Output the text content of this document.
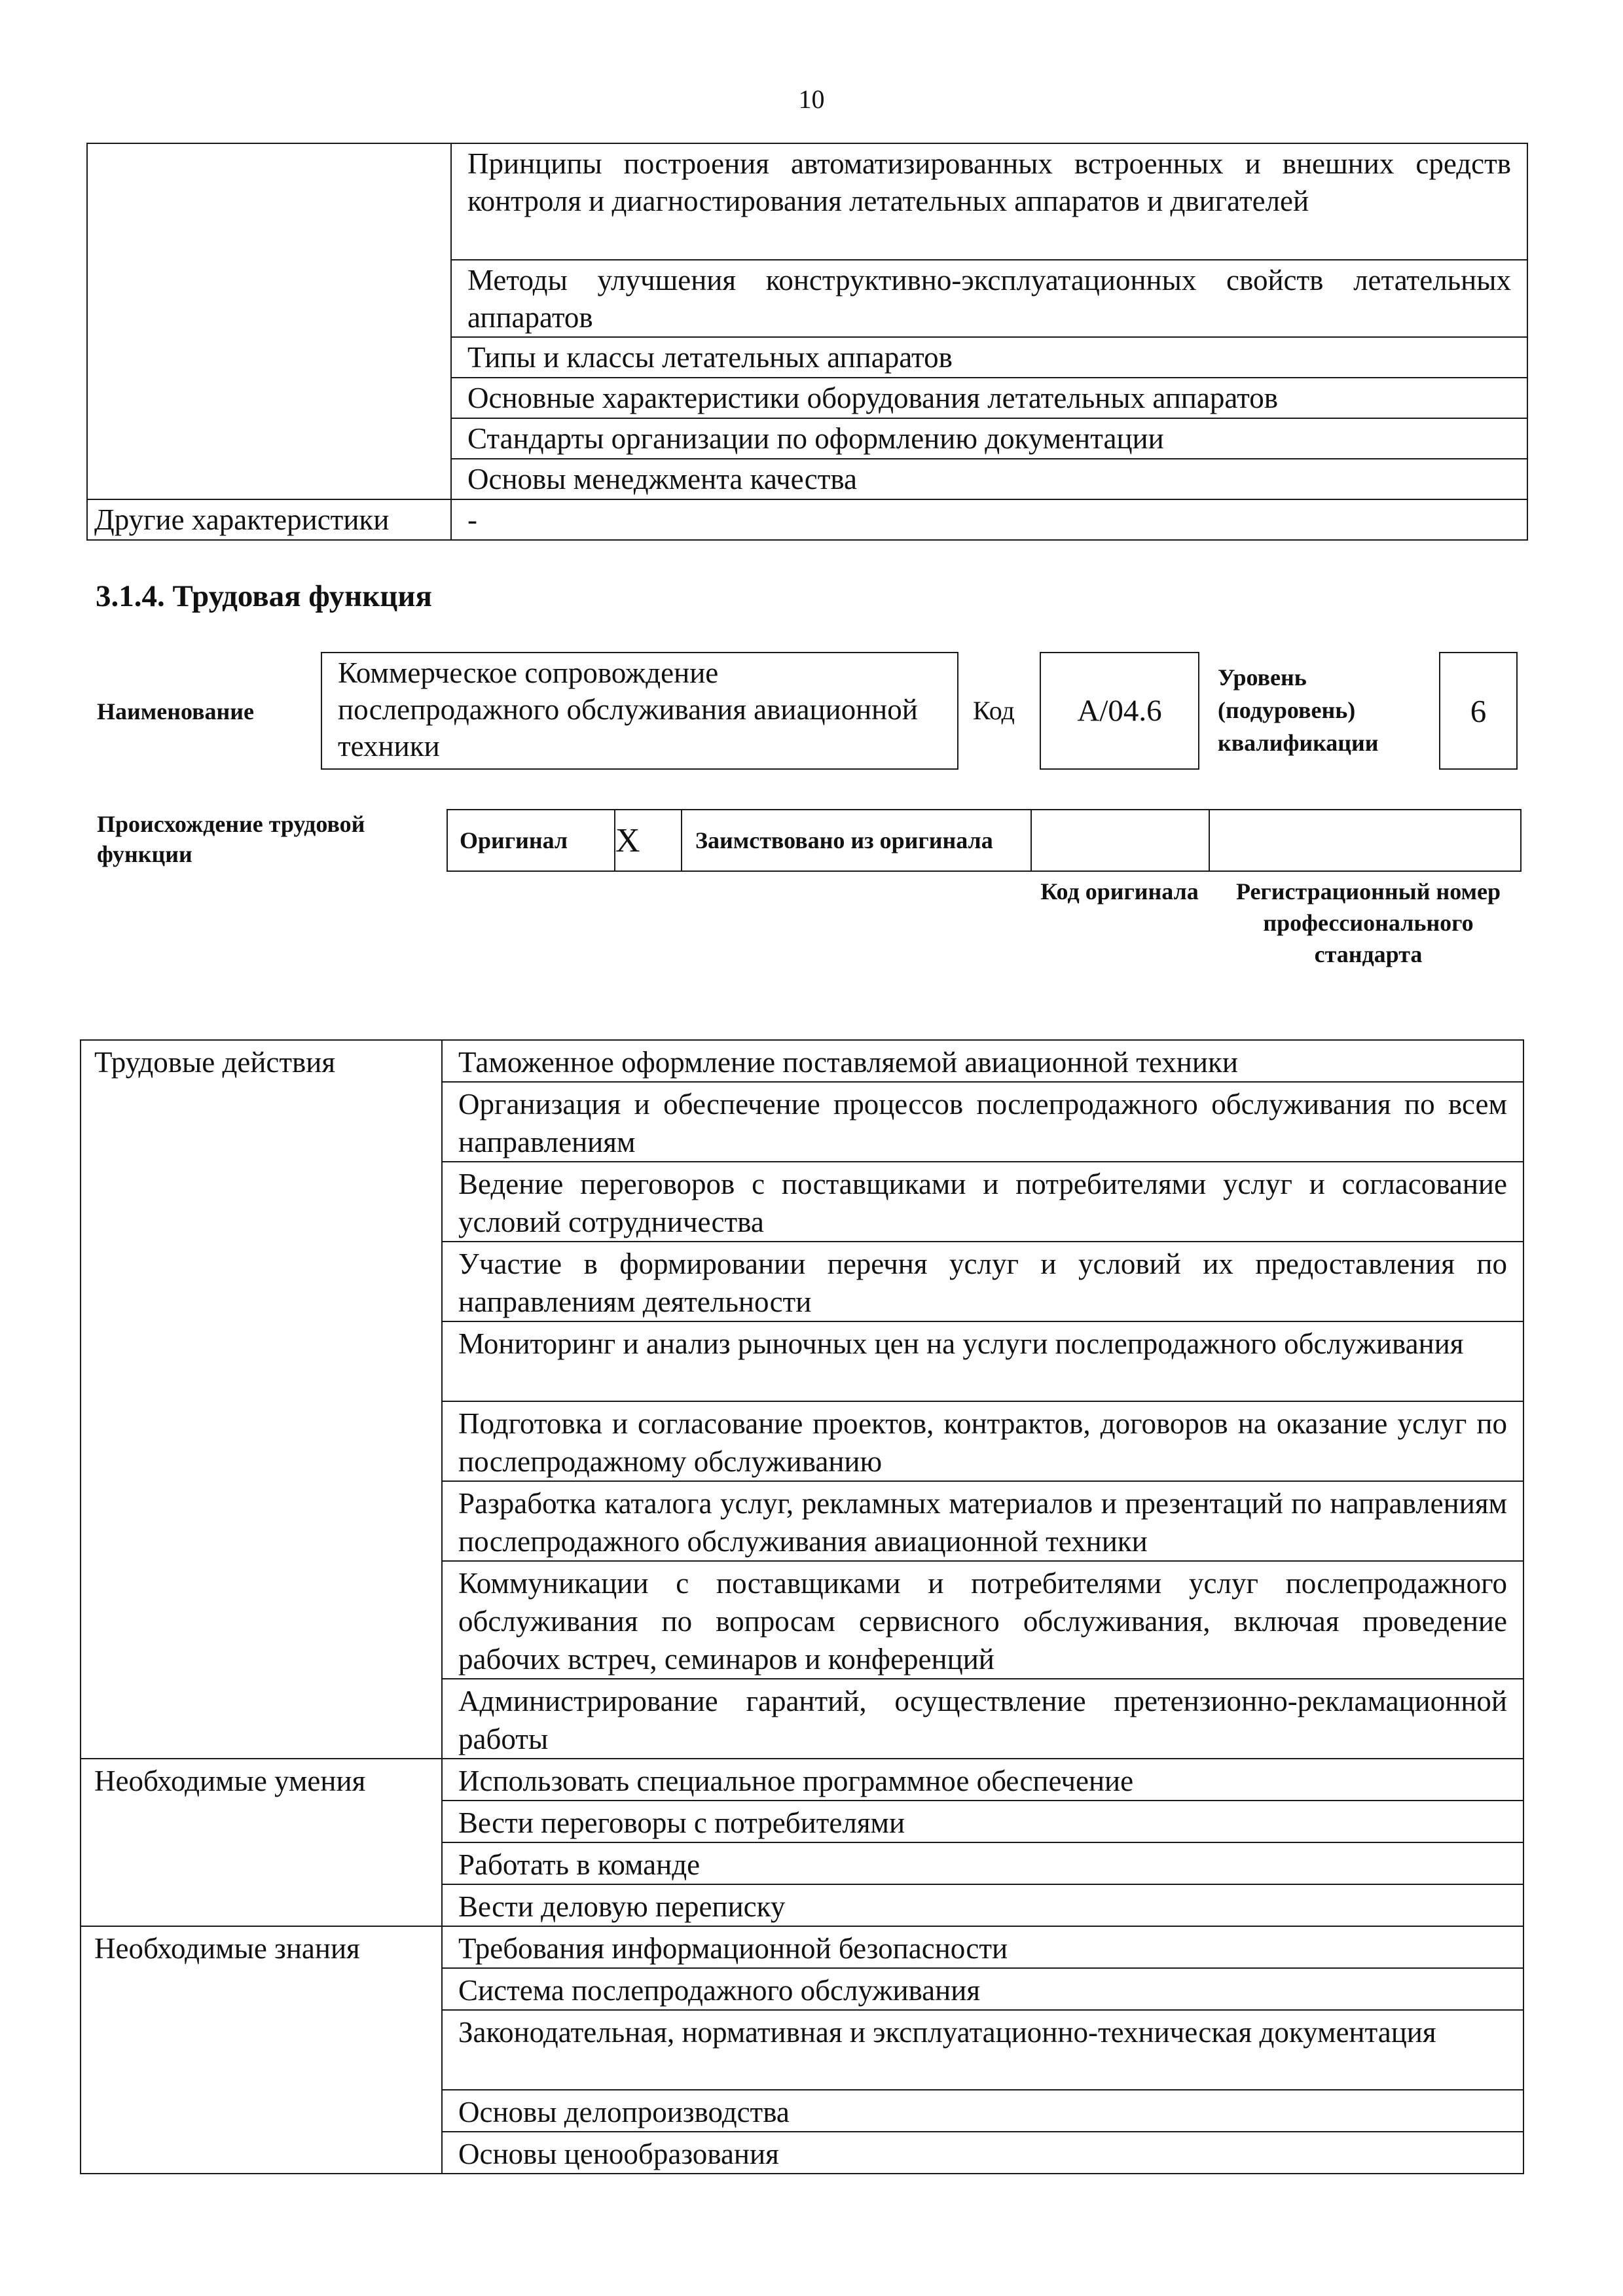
10
	Принципы построения автоматизированных встроенных и внешних средств контроля и диагностирования летательных аппаратов и двигателей
	Методы улучшения конструктивно-эксплуатационных свойств летательных аппаратов
	Типы и классы летательных аппаратов
	Основные характеристики оборудования летательных аппаратов
	Стандарты организации по оформлению документации
	Основы менеджмента качества
Другие характеристики	-
3.1.4. Трудовая функция
Наименование
Коммерческое сопровождение послепродажного обслуживания авиационной техники
Код А/04.6
Уровень (подуровень) квалификации
6
Происхождение трудовой функции
Оригинал	Х	Заимствовано из оригинала		
Код оригинала	Регистрационный номер профессионального стандарта
Трудовые действия	Таможенное оформление поставляемой авиационной техники
	Организация и обеспечение процессов послепродажного обслуживания по всем направлениям
	Ведение переговоров с поставщиками и потребителями услуг и согласование условий сотрудничества
	Участие в формировании перечня услуг и условий их предоставления по направлениям деятельности
	Мониторинг и анализ рыночных цен на услуги послепродажного обслуживания
	Подготовка и согласование проектов, контрактов, договоров на оказание услуг по послепродажному обслуживанию
	Разработка каталога услуг, рекламных материалов и презентаций по направлениям послепродажного обслуживания авиационной техники
	Коммуникации с поставщиками и потребителями услуг послепродажного обслуживания по вопросам сервисного обслуживания, включая проведение рабочих встреч, семинаров и конференций
	Администрирование гарантий, осуществление претензионно-рекламационной работы
Необходимые умения	Использовать специальное программное обеспечение
	Вести переговоры с потребителями
	Работать в команде
	Вести деловую переписку
Необходимые знания	Требования информационной безопасности
	Система послепродажного обслуживания
	Законодательная, нормативная и эксплуатационно-техническая документация
	Основы делопроизводства
	Основы ценообразования
